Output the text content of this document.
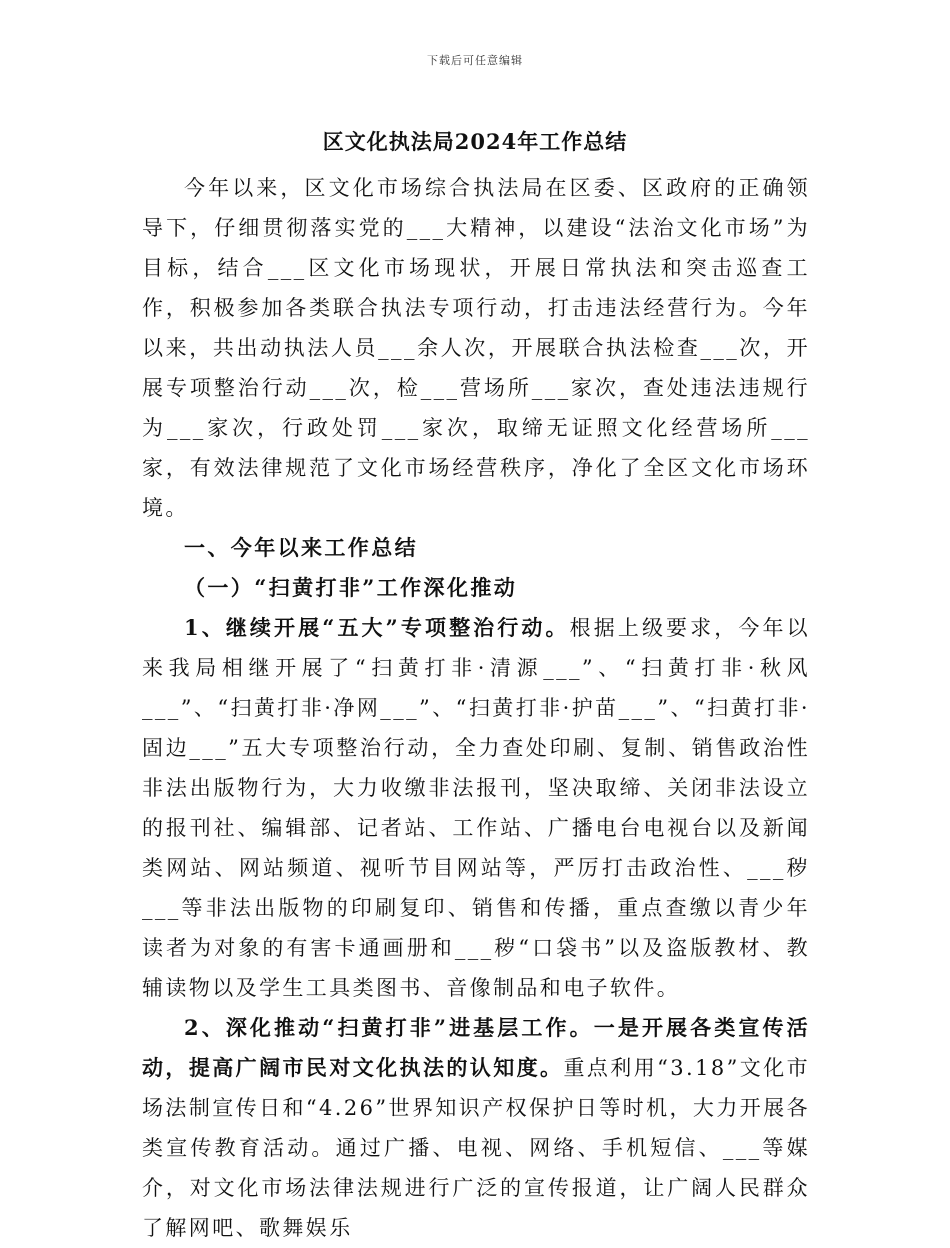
下载后可任意编辑
区文化执法局2024年工作总结

今年以来，区文化市场综合执法局在区委、区政府的正确领导下，仔细贯彻落实党的___大精神，以建设“法治文化市场”为目标，结合___区文化市场现状，开展日常执法和突击巡查工作，积极参加各类联合执法专项行动，打击违法经营行为。今年以来，共出动执法人员___余人次，开展联合执法检查___次，开展专项整治行动___次，检___营场所___家次，查处违法违规行为___家次，行政处罚___家次，取缔无证照文化经营场所___家，有效法律规范了文化市场经营秩序，净化了全区文化市场环境。

一、今年以来工作总结

（一）“扫黄打非”工作深化推动

1、继续开展“五大”专项整治行动。根据上级要求，今年以来我局相继开展了“扫黄打非·清源___”、“扫黄打非·秋风___”、“扫黄打非·净网___”、“扫黄打非·护苗___”、“扫黄打非·固边___”五大专项整治行动，全力查处印刷、复制、销售政治性非法出版物行为，大力收缴非法报刊，坚决取缔、关闭非法设立的报刊社、编辑部、记者站、工作站、广播电台电视台以及新闻类网站、网站频道、视听节目网站等，严厉打击政治性、___秽___等非法出版物的印刷复印、销售和传播，重点查缴以青少年读者为对象的有害卡通画册和___秽“口袋书”以及盗版教材、教辅读物以及学生工具类图书、音像制品和电子软件。

2、深化推动“扫黄打非”进基层工作。一是开展各类宣传活动，提高广阔市民对文化执法的认知度。重点利用“3.18”文化市场法制宣传日和“4.26”世界知识产权保护日等时机，大力开展各类宣传教育活动。通过广播、电视、网络、手机短信、___等媒介，对文化市场法律法规进行广泛的宣传报道，让广阔人民群众了解网吧、歌舞娱乐
